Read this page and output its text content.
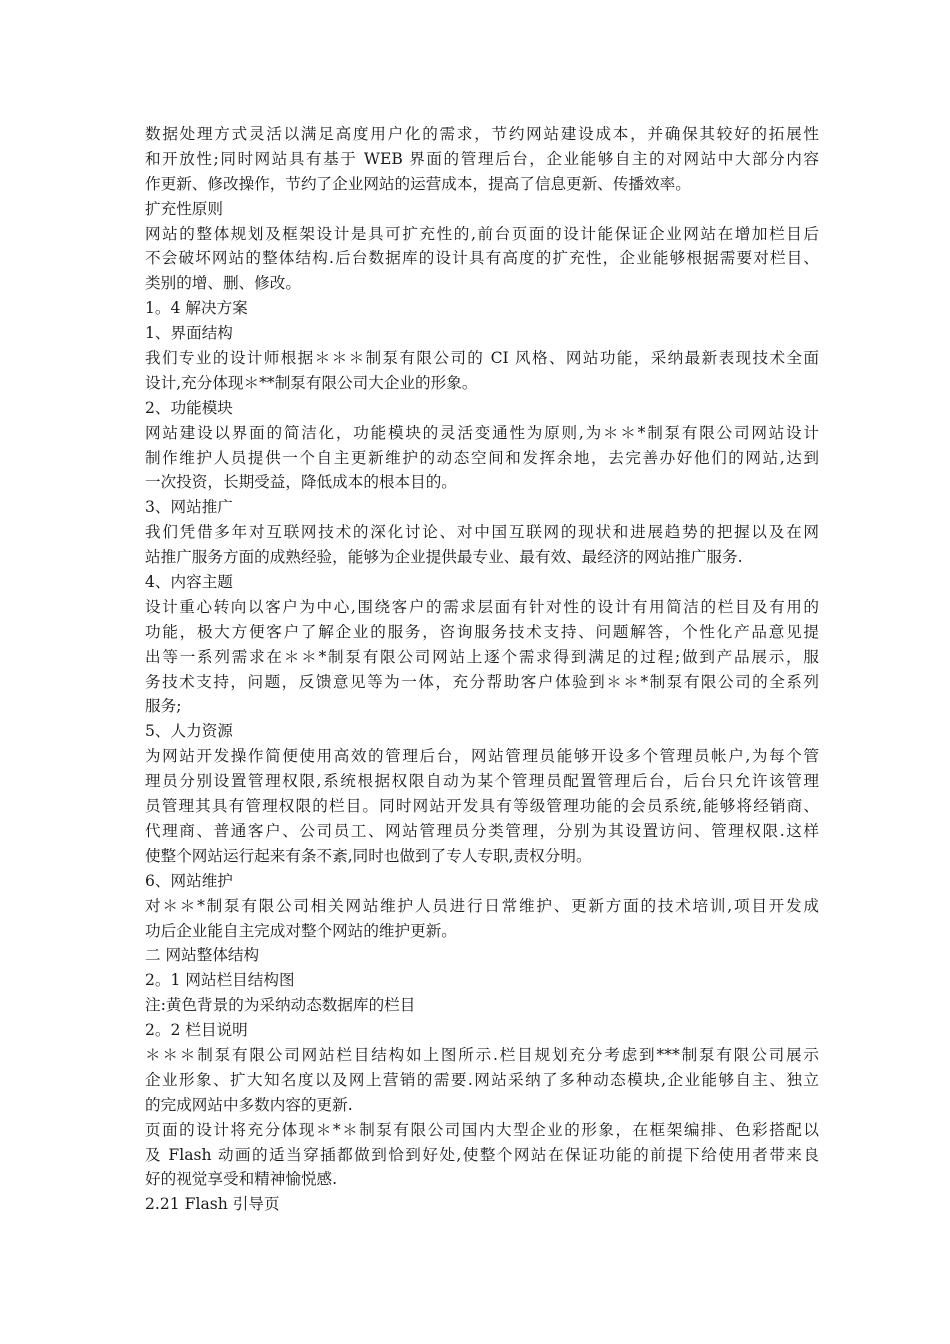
数据处理方式灵活以满足高度用户化的需求，节约网站建设成本，并确保其较好的拓展性
和开放性;同时网站具有基于 WEB 界面的管理后台，企业能够自主的对网站中大部分内容
作更新、修改操作，节约了企业网站的运营成本，提高了信息更新、传播效率。
扩充性原则
网站的整体规划及框架设计是具可扩充性的,前台页面的设计能保证企业网站在增加栏目后
不会破坏网站的整体结构.后台数据库的设计具有高度的扩充性，企业能够根据需要对栏目、
类别的增、删、修改。
1。4 解决方案
1、界面结构
我们专业的设计师根据＊＊＊制泵有限公司的 CI 风格、网站功能，采纳最新表现技术全面
设计,充分体现＊**制泵有限公司大企业的形象。
2、功能模块
网站建设以界面的简洁化，功能模块的灵活变通性为原则,为＊＊*制泵有限公司网站设计
制作维护人员提供一个自主更新维护的动态空间和发挥余地，去完善办好他们的网站,达到
一次投资，长期受益，降低成本的根本目的。
3、网站推广
我们凭借多年对互联网技术的深化讨论、对中国互联网的现状和进展趋势的把握以及在网
站推广服务方面的成熟经验，能够为企业提供最专业、最有效、最经济的网站推广服务.
4、内容主题
设计重心转向以客户为中心,围绕客户的需求层面有针对性的设计有用简洁的栏目及有用的
功能，极大方便客户了解企业的服务，咨询服务技术支持、问题解答，个性化产品意见提
出等一系列需求在＊＊*制泵有限公司网站上逐个需求得到满足的过程;做到产品展示，服
务技术支持，问题，反馈意见等为一体，充分帮助客户体验到＊＊*制泵有限公司的全系列
服务;
5、人力资源
为网站开发操作简便使用高效的管理后台，网站管理员能够开设多个管理员帐户,为每个管
理员分别设置管理权限,系统根据权限自动为某个管理员配置管理后台，后台只允许该管理
员管理其具有管理权限的栏目。同时网站开发具有等级管理功能的会员系统,能够将经销商、
代理商、普通客户、公司员工、网站管理员分类管理，分别为其设置访问、管理权限.这样
使整个网站运行起来有条不紊,同时也做到了专人专职,责权分明。
6、网站维护
对＊＊*制泵有限公司相关网站维护人员进行日常维护、更新方面的技术培训,项目开发成
功后企业能自主完成对整个网站的维护更新。
二 网站整体结构
2。1 网站栏目结构图
注:黄色背景的为采纳动态数据库的栏目
2。2 栏目说明
＊＊＊制泵有限公司网站栏目结构如上图所示.栏目规划充分考虑到***制泵有限公司展示
企业形象、扩大知名度以及网上营销的需要.网站采纳了多种动态模块,企业能够自主、独立
的完成网站中多数内容的更新.
页面的设计将充分体现＊*＊制泵有限公司国内大型企业的形象，在框架编排、色彩搭配以
及 Flash 动画的适当穿插都做到恰到好处,使整个网站在保证功能的前提下给使用者带来良
好的视觉享受和精神愉悦感.
2.21 Flash 引导页
